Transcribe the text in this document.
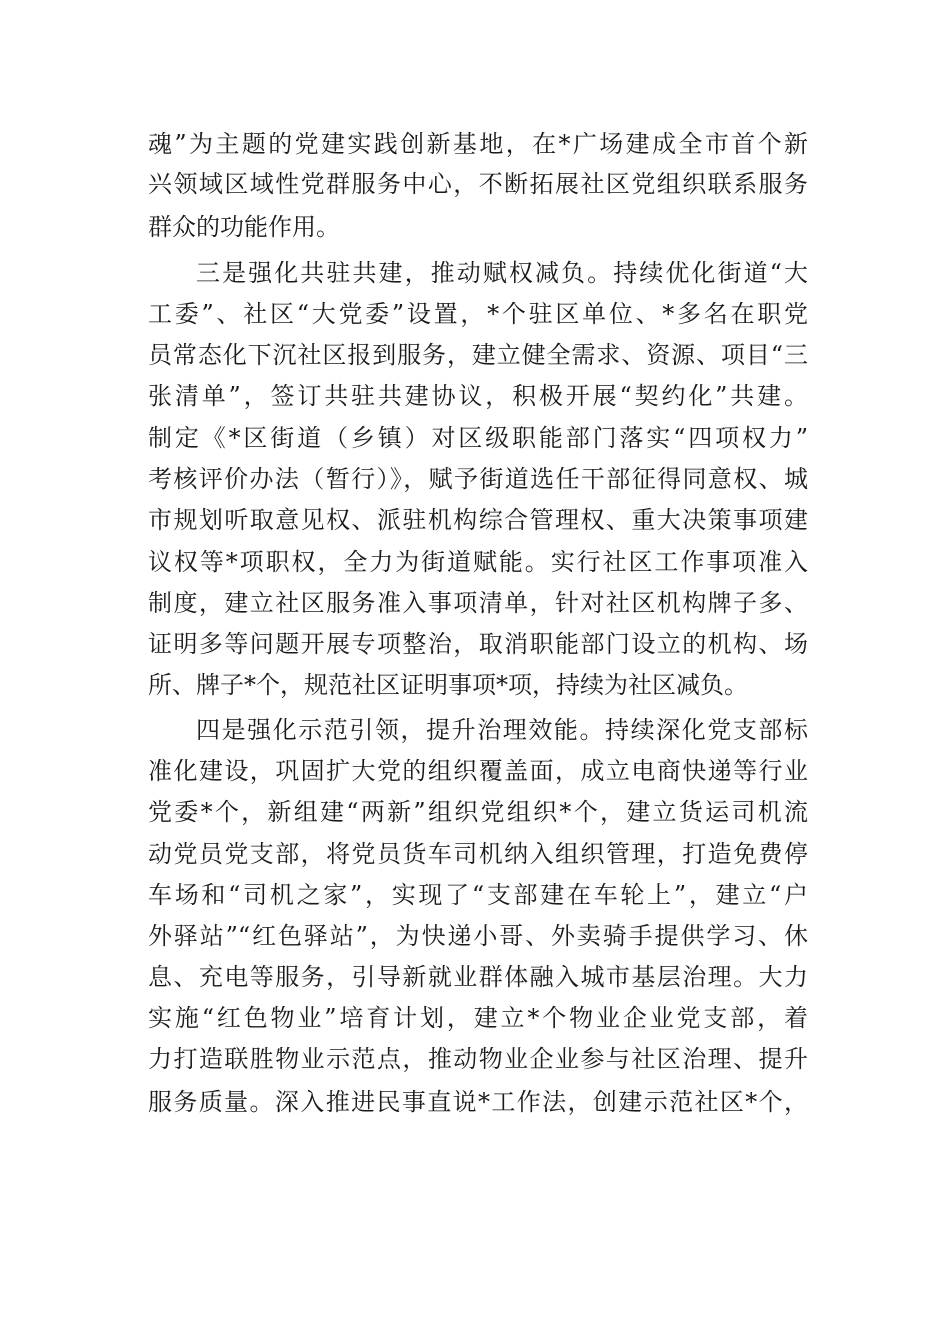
魂”为主题的党建实践创新基地，在*广场建成全市首个新
兴领域区域性党群服务中心，不断拓展社区党组织联系服务
群众的功能作用。
三是强化共驻共建，推动赋权减负。持续优化街道“大
工委”、社区“大党委”设置，*个驻区单位、*多名在职党
员常态化下沉社区报到服务，建立健全需求、资源、项目“三
张清单”，签订共驻共建协议，积极开展“契约化”共建。
制定《*区街道（乡镇）对区级职能部门落实“四项权力”
考核评价办法（暂行）》，赋予街道选任干部征得同意权、城
市规划听取意见权、派驻机构综合管理权、重大决策事项建
议权等*项职权，全力为街道赋能。实行社区工作事项准入
制度，建立社区服务准入事项清单，针对社区机构牌子多、
证明多等问题开展专项整治，取消职能部门设立的机构、场
所、牌子*个，规范社区证明事项*项，持续为社区减负。
四是强化示范引领，提升治理效能。持续深化党支部标
准化建设，巩固扩大党的组织覆盖面，成立电商快递等行业
党委*个，新组建“两新”组织党组织*个，建立货运司机流
动党员党支部，将党员货车司机纳入组织管理，打造免费停
车场和“司机之家”，实现了“支部建在车轮上”，建立“户
外驿站”“红色驿站”，为快递小哥、外卖骑手提供学习、休
息、充电等服务，引导新就业群体融入城市基层治理。大力
实施“红色物业”培育计划，建立*个物业企业党支部，着
力打造联胜物业示范点，推动物业企业参与社区治理、提升
服务质量。深入推进民事直说*工作法，创建示范社区*个，
